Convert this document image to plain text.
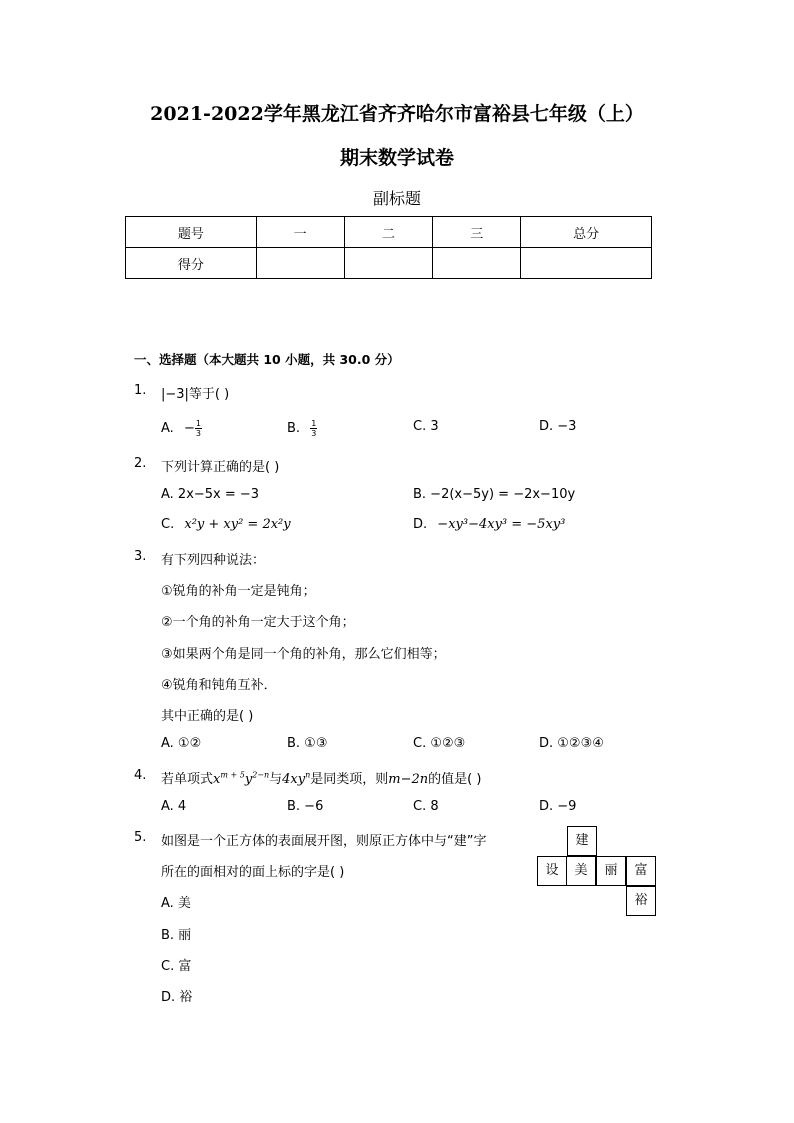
2021-2022学年黑龙江省齐齐哈尔市富裕县七年级（上）
期末数学试卷
副标题
题号	一	二	三	总分
得分				
一、选择题（本大题共 10 小题，共 30.0 分）
1. |−3|等于( )
A. − $\frac{1}{3}$	B. $\frac{1}{3}$	C. 3	D. −3
2. 下列计算正确的是( )
A. 2x−5x = −3	B. −2(x−5y) = −2x−10y
C. x²y + xy² = 2x²y	D. −xy³−4xy³ = −5xy³
3. 有下列四种说法：
①锐角的补角一定是钝角；
②一个角的补角一定大于这个角；
③如果两个角是同一个角的补角，那么它们相等；
④锐角和钝角互补．
其中正确的是( )
A. ①②	B. ①③	C. ①②③	D. ①②③④
4. 若单项式$x^{m + 5}y^{2-n}$与$4xy^n$是同类项，则m−2n的值是( )
A. 4	B. −6	C. 8	D. −9
5. 如图是一个正方体的表面展开图，则原正方体中与“建”字
所在的面相对的面上标的字是( )
A. 美
B. 丽
C. 富
D. 裕
建
设	美	丽	富
裕
